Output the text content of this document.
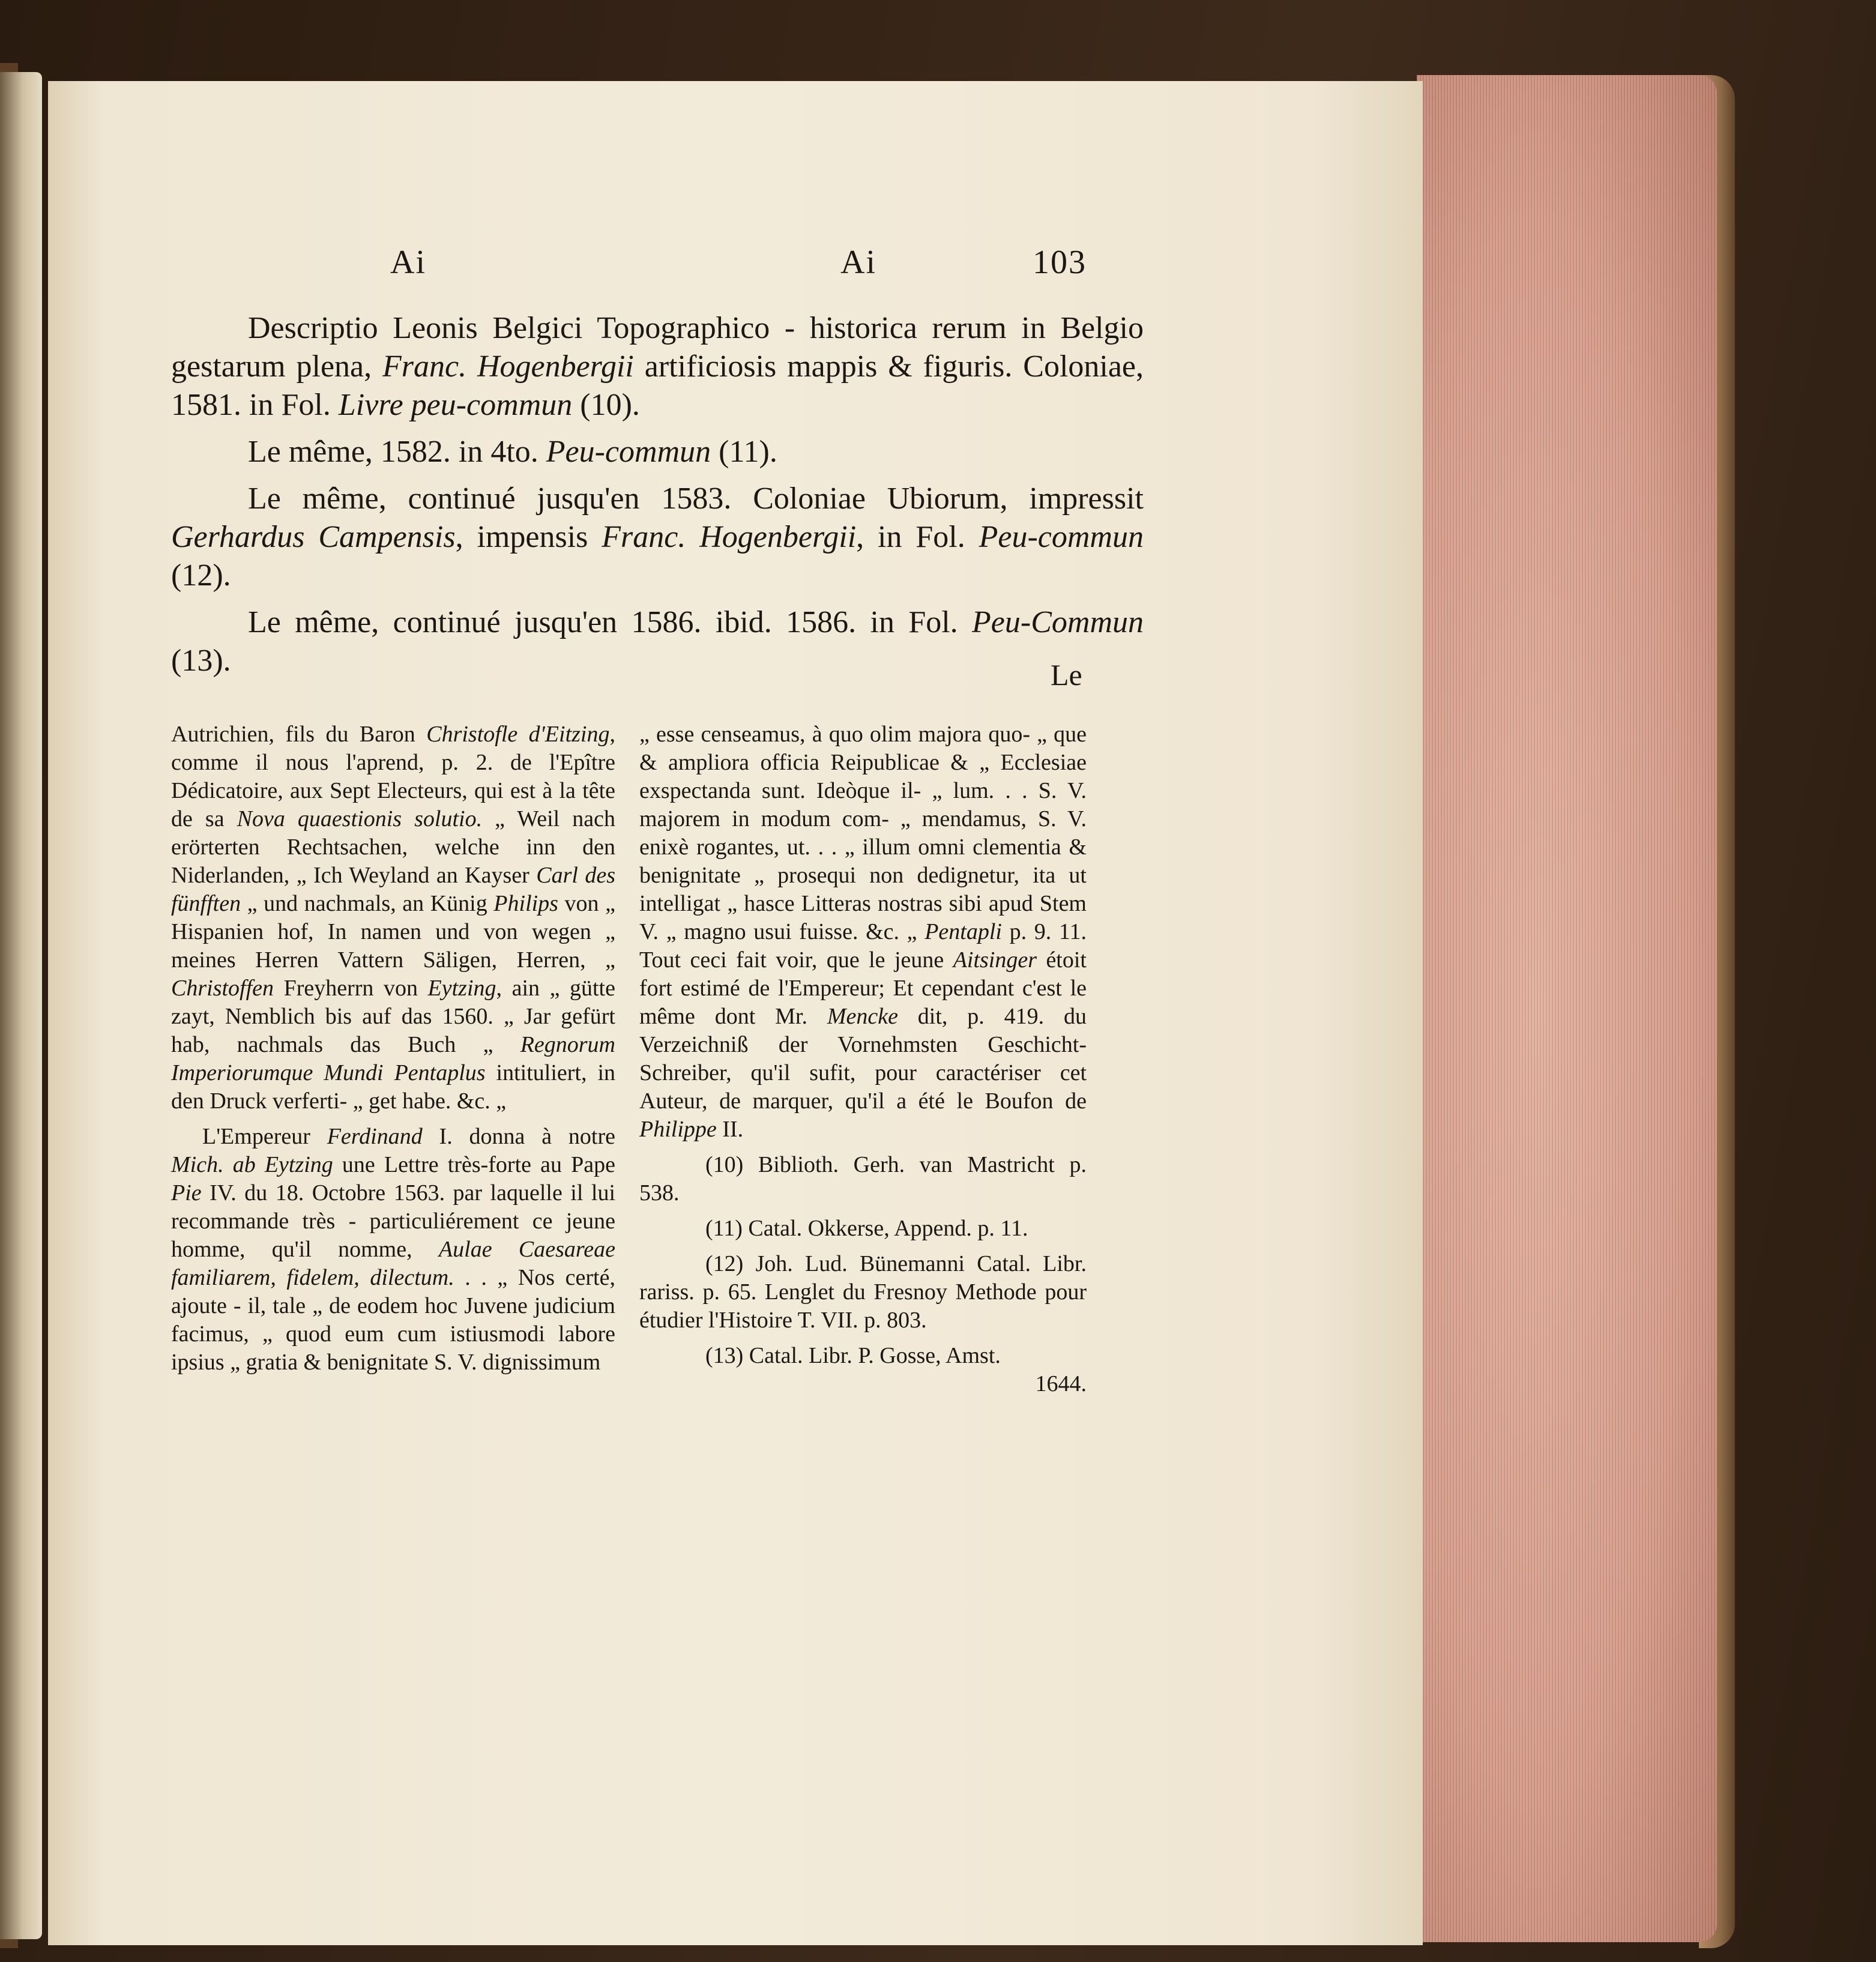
Ai	Ai	103

Descriptio Leonis Belgici Topographico - historica rerum in Belgio gestarum plena, Franc. Hogenbergii artificiosis mappis & figuris. Coloniae, 1581. in Fol. Livre peu-commun (10).

Le même, 1582. in 4to. Peu-commun (11).

Le même, continué jusqu'en 1583. Coloniae Ubiorum, impressit Gerhardus Campensis, impensis Franc. Hogenbergii, in Fol. Peu-commun (12).

Le même, continué jusqu'en 1586. ibid. 1586. in Fol. Peu-Commun (13).	Le

Autrichien, fils du Baron Christofle d'Eitzing, comme il nous l'aprend, p. 2. de l'Epître Dédicatoire, aux Sept Electeurs, qui est à la tête de sa Nova quaestionis solutio. „ Weil nach erörterten Rechtsachen, welche inn den Niderlanden, „ Ich Weyland an Kayser Carl des fünfften „ und nachmals, an Künig Philips von „ Hispanien hof, In namen und von wegen „ meines Herren Vattern Säligen, Herren, „ Christoffen Freyherrn von Eytzing, ain „ gütte zayt, Nemblich bis auf das 1560. „ Jar gefürt hab, nachmals das Buch „ Regnorum Imperiorumque Mundi Pentaplus intituliert, in den Druck verferti- „ get habe. &c. „

L'Empereur Ferdinand I. donna à notre Mich. ab Eytzing une Lettre très-forte au Pape Pie IV. du 18. Octobre 1563. par laquelle il lui recommande très - particuliérement ce jeune homme, qu'il nomme, Aulae Caesareae familiarem, fidelem, dilectum. . . „ Nos certé, ajoute - il, tale „ de eodem hoc Juvene judicium facimus, „ quod eum cum istiusmodi labore ipsius „ gratia & benignitate S. V. dignissimum

„ esse censeamus, à quo olim majora quo- „ que & ampliora officia Reipublicae & „ Ecclesiae exspectanda sunt. Ideòque il- „ lum. . . S. V. majorem in modum com- „ mendamus, S. V. enixè rogantes, ut. . . „ illum omni clementia & benignitate „ prosequi non dedignetur, ita ut intelligat „ hasce Litteras nostras sibi apud Stem V. „ magno usui fuisse. &c. „ Pentapli p. 9. 11. Tout ceci fait voir, que le jeune Aitsinger étoit fort estimé de l'Empereur; Et cependant c'est le même dont Mr. Mencke dit, p. 419. du Verzeichniß der Vornehmsten Geschicht-Schreiber, qu'il sufit, pour caractériser cet Auteur, de marquer, qu'il a été le Boufon de Philippe II.

(10) Biblioth. Gerh. van Mastricht p. 538.

(11) Catal. Okkerse, Append. p. 11.

(12) Joh. Lud. Bünemanni Catal. Libr. rariss. p. 65. Lenglet du Fresnoy Methode pour étudier l'Histoire T. VII. p. 803.

(13) Catal. Libr. P. Gosse, Amst.

1644.
